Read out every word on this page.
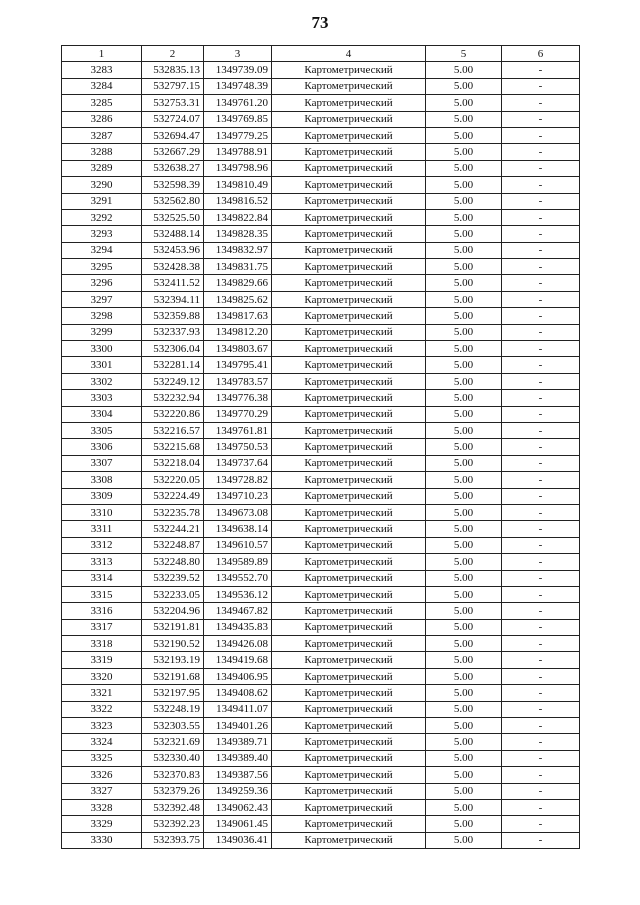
73
1	2	3	4	5	6
3283	532835.13	1349739.09	Картометрический	5.00	-
3284	532797.15	1349748.39	Картометрический	5.00	-
3285	532753.31	1349761.20	Картометрический	5.00	-
3286	532724.07	1349769.85	Картометрический	5.00	-
3287	532694.47	1349779.25	Картометрический	5.00	-
3288	532667.29	1349788.91	Картометрический	5.00	-
3289	532638.27	1349798.96	Картометрический	5.00	-
3290	532598.39	1349810.49	Картометрический	5.00	-
3291	532562.80	1349816.52	Картометрический	5.00	-
3292	532525.50	1349822.84	Картометрический	5.00	-
3293	532488.14	1349828.35	Картометрический	5.00	-
3294	532453.96	1349832.97	Картометрический	5.00	-
3295	532428.38	1349831.75	Картометрический	5.00	-
3296	532411.52	1349829.66	Картометрический	5.00	-
3297	532394.11	1349825.62	Картометрический	5.00	-
3298	532359.88	1349817.63	Картометрический	5.00	-
3299	532337.93	1349812.20	Картометрический	5.00	-
3300	532306.04	1349803.67	Картометрический	5.00	-
3301	532281.14	1349795.41	Картометрический	5.00	-
3302	532249.12	1349783.57	Картометрический	5.00	-
3303	532232.94	1349776.38	Картометрический	5.00	-
3304	532220.86	1349770.29	Картометрический	5.00	-
3305	532216.57	1349761.81	Картометрический	5.00	-
3306	532215.68	1349750.53	Картометрический	5.00	-
3307	532218.04	1349737.64	Картометрический	5.00	-
3308	532220.05	1349728.82	Картометрический	5.00	-
3309	532224.49	1349710.23	Картометрический	5.00	-
3310	532235.78	1349673.08	Картометрический	5.00	-
3311	532244.21	1349638.14	Картометрический	5.00	-
3312	532248.87	1349610.57	Картометрический	5.00	-
3313	532248.80	1349589.89	Картометрический	5.00	-
3314	532239.52	1349552.70	Картометрический	5.00	-
3315	532233.05	1349536.12	Картометрический	5.00	-
3316	532204.96	1349467.82	Картометрический	5.00	-
3317	532191.81	1349435.83	Картометрический	5.00	-
3318	532190.52	1349426.08	Картометрический	5.00	-
3319	532193.19	1349419.68	Картометрический	5.00	-
3320	532191.68	1349406.95	Картометрический	5.00	-
3321	532197.95	1349408.62	Картометрический	5.00	-
3322	532248.19	1349411.07	Картометрический	5.00	-
3323	532303.55	1349401.26	Картометрический	5.00	-
3324	532321.69	1349389.71	Картометрический	5.00	-
3325	532330.40	1349389.40	Картометрический	5.00	-
3326	532370.83	1349387.56	Картометрический	5.00	-
3327	532379.26	1349259.36	Картометрический	5.00	-
3328	532392.48	1349062.43	Картометрический	5.00	-
3329	532392.23	1349061.45	Картометрический	5.00	-
3330	532393.75	1349036.41	Картометрический	5.00	-
